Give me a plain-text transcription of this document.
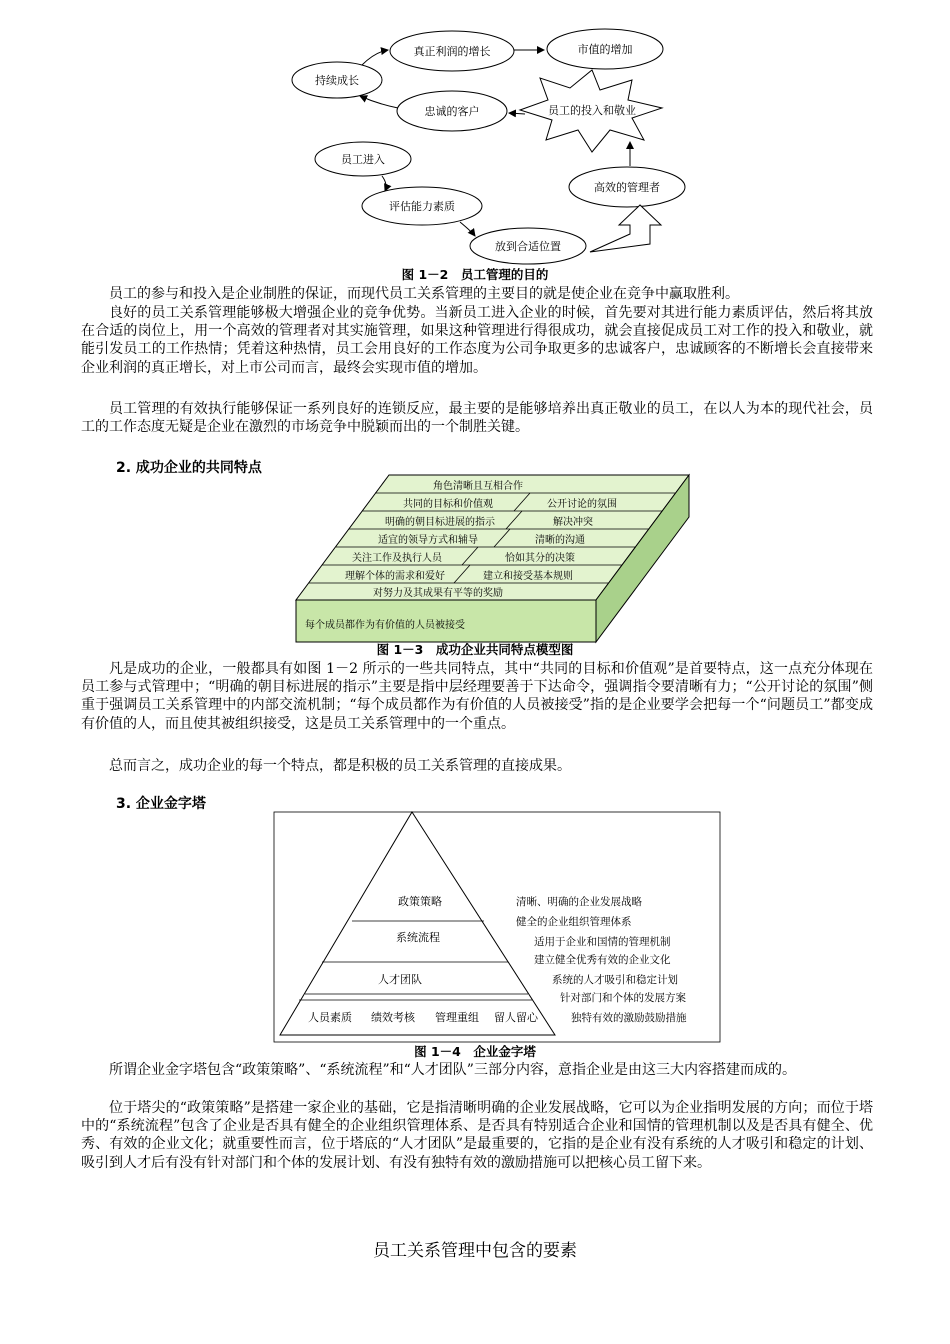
持续成长
真正利润的增长	市值的增加
忠诚的客户	员工的投入和敬业
员工进入
评估能力素质
放到合适位置
高效的管理者
图 1－2　员工管理的目的

员工的参与和投入是企业制胜的保证，而现代员工关系管理的主要目的就是使企业在竞争中赢取胜利。

良好的员工关系管理能够极大增强企业的竞争优势。当新员工进入企业的时候，首先要对其进行能力素质评估，然后将其放在合适的岗位上，用一个高效的管理者对其实施管理，如果这种管理进行得很成功，就会直接促成员工对工作的投入和敬业，就能引发员工的工作热情；凭着这种热情，员工会用良好的工作态度为公司争取更多的忠诚客户，忠诚顾客的不断增长会直接带来企业利润的真正增长，对上市公司而言，最终会实现市值的增加。

员工管理的有效执行能够保证一系列良好的连锁反应，最主要的是能够培养出真正敬业的员工，在以人为本的现代社会，员工的工作态度无疑是企业在激烈的市场竞争中脱颖而出的一个制胜关键。

2. 成功企业的共同特点
角色清晰且互相合作
共同的目标和价值观	公开讨论的氛围
明确的朝目标进展的指示	解决冲突
适宜的领导方式和辅导	清晰的沟通
关注工作及执行人员	恰如其分的决策
理解个体的需求和爱好	建立和接受基本规则
对努力及其成果有平等的奖励
每个成员都作为有价值的人员被接受
图 1－3　成功企业共同特点模型图

凡是成功的企业，一般都具有如图 1－2 所示的一些共同特点，其中“共同的目标和价值观”是首要特点，这一点充分体现在员工参与式管理中；“明确的朝目标进展的指示”主要是指中层经理要善于下达命令，强调指令要清晰有力；“公开讨论的氛围”侧重于强调员工关系管理中的内部交流机制；“每个成员都作为有价值的人员被接受”指的是企业要学会把每一个“问题员工”都变成有价值的人，而且使其被组织接受，这是员工关系管理中的一个重点。

总而言之，成功企业的每一个特点，都是积极的员工关系管理的直接成果。

3. 企业金字塔
政策策略
系统流程
人才团队
人员素质 绩效考核 管理重组 留人留心
清晰、明确的企业发展战略
健全的企业组织管理体系
适用于企业和国情的管理机制
建立健全优秀有效的企业文化
系统的人才吸引和稳定计划
针对部门和个体的发展方案
独特有效的激励鼓励措施
图 1－4　企业金字塔

所谓企业金字塔包含“政策策略”、“系统流程”和“人才团队”三部分内容，意指企业是由这三大内容搭建而成的。

位于塔尖的“政策策略”是搭建一家企业的基础，它是指清晰明确的企业发展战略，它可以为企业指明发展的方向；而位于塔中的“系统流程”包含了企业是否具有健全的企业组织管理体系、是否具有特别适合企业和国情的管理机制以及是否具有健全、优秀、有效的企业文化；就重要性而言，位于塔底的“人才团队”是最重要的，它指的是企业有没有系统的人才吸引和稳定的计划、吸引到人才后有没有针对部门和个体的发展计划、有没有独特有效的激励措施可以把核心员工留下来。

员工关系管理中包含的要素
